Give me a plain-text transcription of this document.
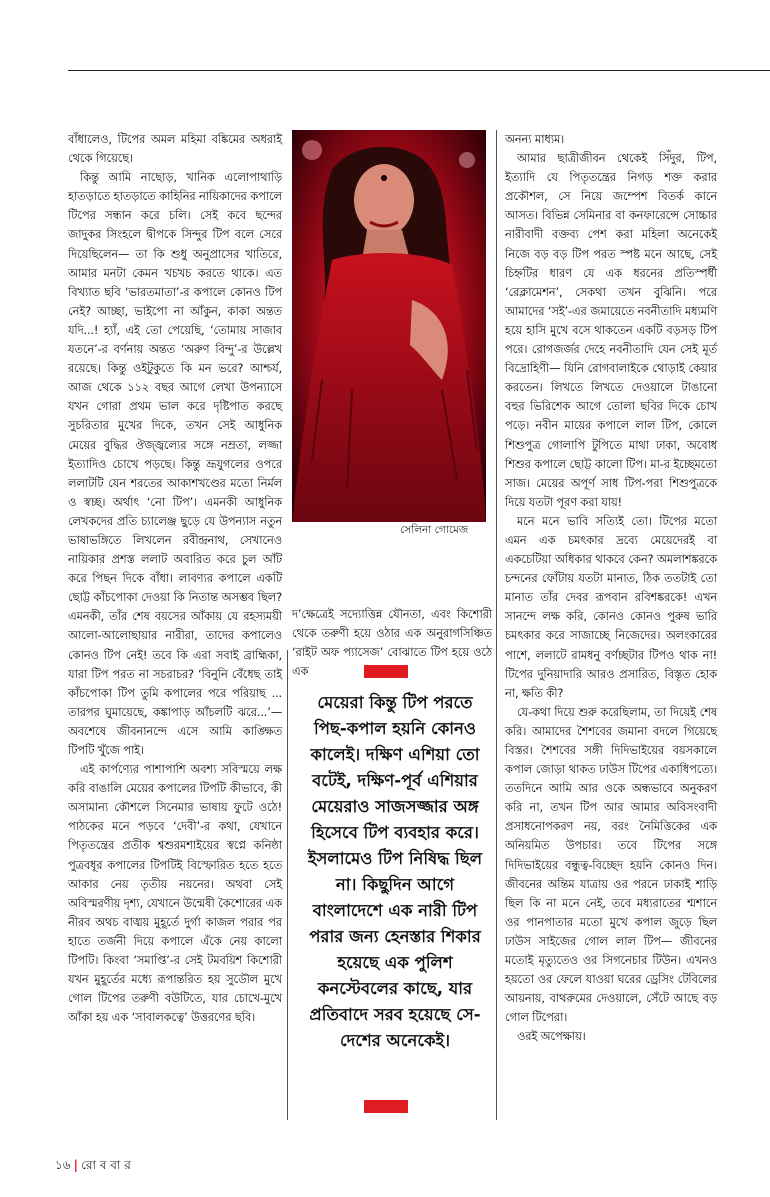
বাঁধালেও, টিপের অমল মহিমা বঙ্কিমের অধরাই থেকে গিয়েছে।

কিন্তু আমি নাছোড়, খানিক এলোপাথাড়ি হাতড়াতে হাতড়াতে কাহিনির নায়িকাদের কপালে টিপের সন্ধান করে চলি। সেই কবে ছন্দের জাদুকর সিংহলে দ্বীপকে সিন্দুর টিপ বলে সেরে দিয়েছিলেন— তা কি শুধু অনুপ্রাসের খাতিরে, আমার মনটা কেমন খচখচ করতে থাকে। এত বিখ্যাত ছবি ‘ভারতমাতা’-র কপালে কোনও টিপ নেই? আচ্ছা, ভাইপো না আঁকুন, কাকা অন্তত যদি...! হ্যাঁ, এই তো পেয়েছি, ‘তোমায় সাজাব যতনে’-র বর্ণনায় অন্তত ‘অরুণ বিন্দু’-র উল্লেখ রয়েছে। কিন্তু ওইটুকুতে কি মন ভরে? আশ্চর্য, আজ থেকে ১১২ বছর আগে লেখা উপন্যাসে যখন গোরা প্রথম ভাল করে দৃষ্টিপাত করছে সুচরিতার মুখের দিকে, তখন সেই আধুনিক মেয়ের বুদ্ধির ঔজ্জ্বল্যের সঙ্গে নম্রতা, লজ্জা ইত্যাদিও চোখে পড়ছে। কিন্তু ভ্রূযুগলের ওপরে ললাটটি যেন শরতের আকাশখণ্ডের মতো নির্মল ও স্বচ্ছ। অর্থাৎ ‘নো টিপ’। এমনকী আধুনিক লেখকদের প্রতি চ্যালেঞ্জ ছুড়ে যে উপন্যাস নতুন ভাষাভঙ্গিতে লিখলেন রবীন্দ্রনাথ, সেখানেও নায়িকার প্রশস্ত ললাট অবারিত করে চুল আঁট করে পিছন দিকে বাঁধা। লাবণ্যর কপালে একটি ছোট্ট কাঁচপোকা দেওয়া কি নিতান্ত অসম্ভব ছিল? এমনকী, তাঁর শেষ বয়সের আঁকায় যে রহস্যময়ী আলো-আলোছায়ার নারীরা, তাদের কপালেও কোনও টিপ নেই! তবে কি এরা সবাই ব্রাহ্মিকা, যারা টিপ পরত না সচরাচর? ‘বিনুনি বেঁধেছ তাই কাঁচপোকা টিপ তুমি কপালের পরে পরিয়াছ ... তারপর ঘুমায়েছে, কঙ্কাপাড় আঁচলটি ঝরে...’— অবশেষে জীবনানন্দে এসে আমি কাঙ্ক্ষিত টিপটি খুঁজে পাই।

এই কার্পণ্যের পাশাপাশি অবশ্য সবিস্ময়ে লক্ষ করি বাঙালি মেয়ের কপালের টিপটি কীভাবে, কী অসামান্য কৌশলে সিনেমার ভাষায় ফুটে ওঠে! পাঠকের মনে পড়বে ‘দেবী’-র কথা, যেখানে পিতৃতন্ত্রের প্রতীক শ্বশুরমশাইয়ের স্বপ্নে কনিষ্ঠা পুত্রবধূর কপালের টিপটিই বিস্ফোরিত হতে হতে আকার নেয় তৃতীয় নয়নের। অথবা সেই অবিস্মরণীয় দৃশ্য, যেখানে উন্মেষী কৈশোরের এক নীরব অথচ বাঙ্ময় মুহূর্তে দুর্গা কাজল পরার পর হাতে তর্জনী দিয়ে কপালে এঁকে নেয় কালো টিপটি। কিংবা ‘সমাপ্তি’-র সেই টমবয়িশ কিশোরী যখন মুহূর্তের মধ্যে রূপান্তরিত হয় সুডৌল মুখে গোল টিপের তরুণী বউটিতে, যার চোখে-মুখে আঁকা হয় এক ‘সাবালকত্বে’ উত্তরণের ছবি।

সেলিনা গোমেজ

দ’ক্ষেত্রেই সদ্যোত্তিন্ন যৌনতা, এবং কিশোরী থেকে তরুণী হয়ে ওঠার এক অনুরাগসিঞ্চিত ‘রাইট অফ প্যাসেজ’ বোঝাতে টিপ হয়ে ওঠে এক

মেয়েরা কিন্তু টিপ পরতে পিছ-কপাল হয়নি কোনও কালেই। দক্ষিণ এশিয়া তো বটেই, দক্ষিণ-পূর্ব এশিয়ার মেয়েরাও সাজসজ্জার অঙ্গ হিসেবে টিপ ব্যবহার করে। ইসলামেও টিপ নিষিদ্ধ ছিল না। কিছুদিন আগে বাংলাদেশে এক নারী টিপ পরার জন্য হেনস্তার শিকার হয়েছে এক পুলিশ কনস্টেবলের কাছে, যার প্রতিবাদে সরব হয়েছে সে-দেশের অনেকেই।

অনন্য মাধ্যম।

আমার ছাত্রীজীবন থেকেই সিঁদুর, টিপ, ইত্যাদি যে পিতৃতন্ত্রের নিগড় শক্ত করার প্রকৌশল, সে নিয়ে জম্পেশ বিতর্ক কানে আসত। বিভিন্ন সেমিনার বা কনফারেন্সে সোচ্চার নারীবাদী বক্তব্য পেশ করা মহিলা অনেকেই নিজে বড় বড় টিপ পরত স্পষ্ট মনে আছে, সেই চিহ্নটির ধারণ যে এক ধরনের প্রতিস্পর্ধী ‘রেক্লামেশন’, সেকথা তখন বুঝিনি। পরে আমাদের ‘সই’-এর জমায়েতে নবনীতাদি মধ্যমণি হয়ে হাসি মুখে বসে থাকতেন একটি বড়সড় টিপ পরে। রোগজর্জর দেহে নবনীতাদি যেন সেই মূর্ত বিদ্রোহিণী— যিনি রোগবালাইকে থোড়াই কেয়ার করতেন। লিখতে লিখতে দেওয়ালে টাঙানো বহুর ভিরিশেক আগে তোলা ছবির দিকে চোখ পড়ে। নবীন মায়ের কপালে লাল টিপ, কোলে শিশুপুত্র গোলাপি টুপিতে মাথা ঢাকা, অবোধ শিশুর কপালে ছোট্ট কালো টিপ। মা-র ইচ্ছেমতো সাজ। মেয়ের অপূর্ণ সাধ টিপ-পরা শিশুপুত্রকে দিয়ে যতটা পূরণ করা যায়!

মনে মনে ভাবি সত্যিই তো। টিপের মতো এমন এক চমৎকার দ্রব্যে মেয়েদেরই বা একচেটিয়া অধিকার থাকবে কেন? অমলাশঙ্করকে চন্দনের ফোঁটায় যতটা মানাত, ঠিক ততটাই তো মানাত তাঁর দেবর রূপবান রবিশঙ্করকে! এখন সানন্দে লক্ষ করি, কোনও কোনও পুরুষ ভারি চমৎকার করে সাজাচ্ছে নিজেদের। অলংকারের পাশে, ললাটে রামধনু বর্ণচ্ছটার টিপও থাক না! টিপের দুনিয়াদারি আরও প্রসারিত, বিস্তৃত হোক না, ক্ষতি কী?

যে-কথা দিয়ে শুরু করেছিলাম, তা দিয়েই শেষ করি। আমাদের শৈশবের জমানা বদলে গিয়েছে বিস্তর। শৈশবের সঙ্গী দিদিভাইয়ের বয়সকালে কপাল জোড়া থাকত ঢাউস টিপের একাধিপত্যে। ততদিনে আমি আর ওকে অন্ধভাবে অনুকরণ করি না, তখন টিপ আর আমার অবিসংবাদী প্রসাধনোপকরণ নয়, বরং নৈমিত্তিকের এক অনিয়মিত উপচার। তবে টিপের সঙ্গে দিদিভাইয়ের বন্ধুত্ব-বিচ্ছেদ হয়নি কোনও দিন। জীবনের অন্তিম যাত্রায় ওর পরনে ঢাকাই শাড়ি ছিল কি না মনে নেই, তবে মধ্যরাতের শ্মশানে ওর পানপাতার মতো মুখে কপাল জুড়ে ছিল ঢাউস সাইজের গোল লাল টিপ— জীবনের মতোই মৃত্যুতেও ওর সিগনেচার টিউন। এখনও হয়তো ওর ফেলে যাওয়া ঘরের ড্রেসিং টেবিলের আয়নায়, বাথরুমের দেওয়ালে, সেঁটে আছে বড় গোল টিপেরা।

ওরই অপেক্ষায়।

১৬ | রো ব বা র
